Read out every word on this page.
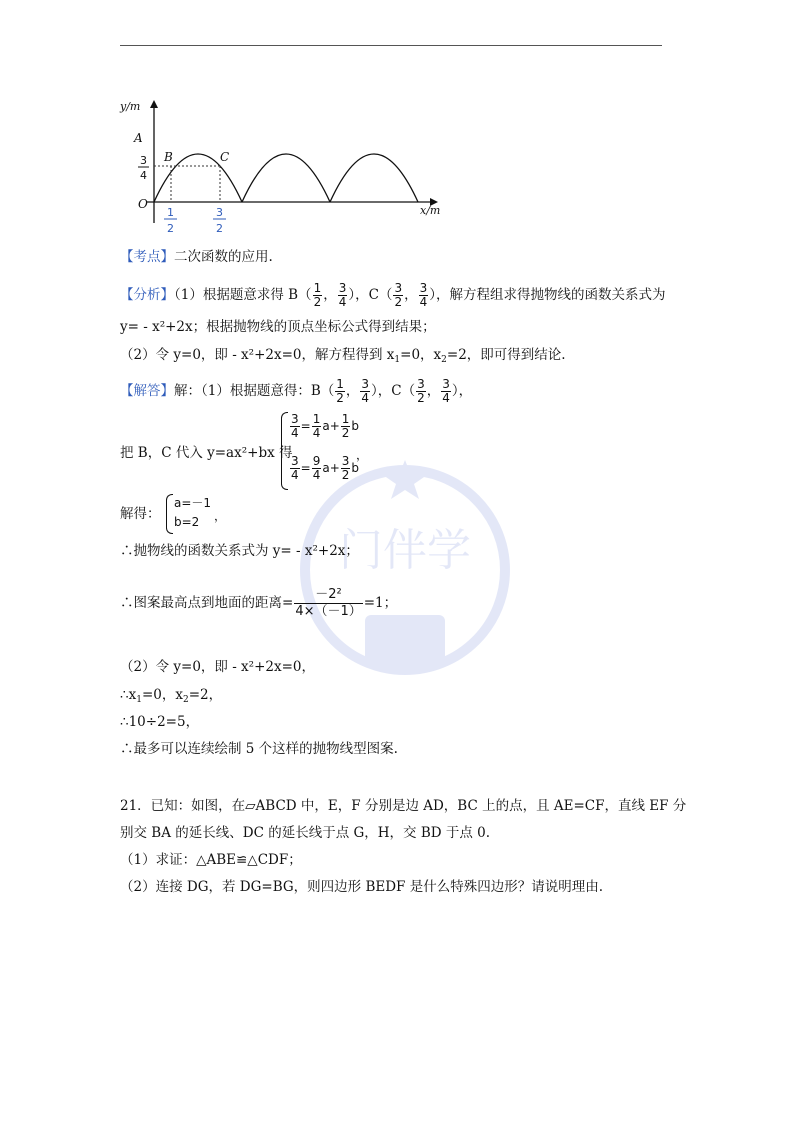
y/m
x/m
A
B	C
O
3
4
1
2
3
2
门伴学
【考点】二次函数的应用.
【分析】（1）根据题意求得 $B( \frac{1}{2}$ ， $\frac{3}{4}$ ），$C( \frac{3}{2}$ ， $\frac{3}{4}$ ），解方程组求得抛物线的函数关系式为
y= - x²+2x；根据抛物线的顶点坐标公式得到结果；
（2）令 y=0，即 - x²+2x=0，解方程得到 $x_1=0$，$x_2=2$，即可得到结论.
【解答】解：（1）根据题意得：$B( \frac{1}{2}$ ， $\frac{3}{4}$ ），$C( \frac{3}{2}$ ， $\frac{3}{4}$ ），
把 B，C 代入 y=ax²+bx 得
$\frac{3}{4} = \frac{1}{4} a+ \frac{1}{2}$ b
$\frac{3}{4} = \frac{9}{4} a+ \frac{3}{2}$ b
，
解得：
a=－1
b=2 ，
∴抛物线的函数关系式为 y= - x²+2x；
∴图案最高点到地面的距离= $\frac{\text{－2²}}{4\times(-1)} =1$；
（2）令 y=0，即 - x²+2x=0，
$\therefore x_1=0$，$x_2=2$，
∴10÷2=5，
∴最多可以连续绘制 5 个这样的抛物线型图案.
21．已知：如图，在▱ABCD 中，E，F 分别是边 AD，BC 上的点，且 AE=CF，直线 EF 分
别交 BA 的延长线、DC 的延长线于点 G，H，交 BD 于点 0.
（1）求证：△ABE≌△CDF；
（2）连接 DG，若 DG=BG，则四边形 BEDF 是什么特殊四边形？请说明理由.
